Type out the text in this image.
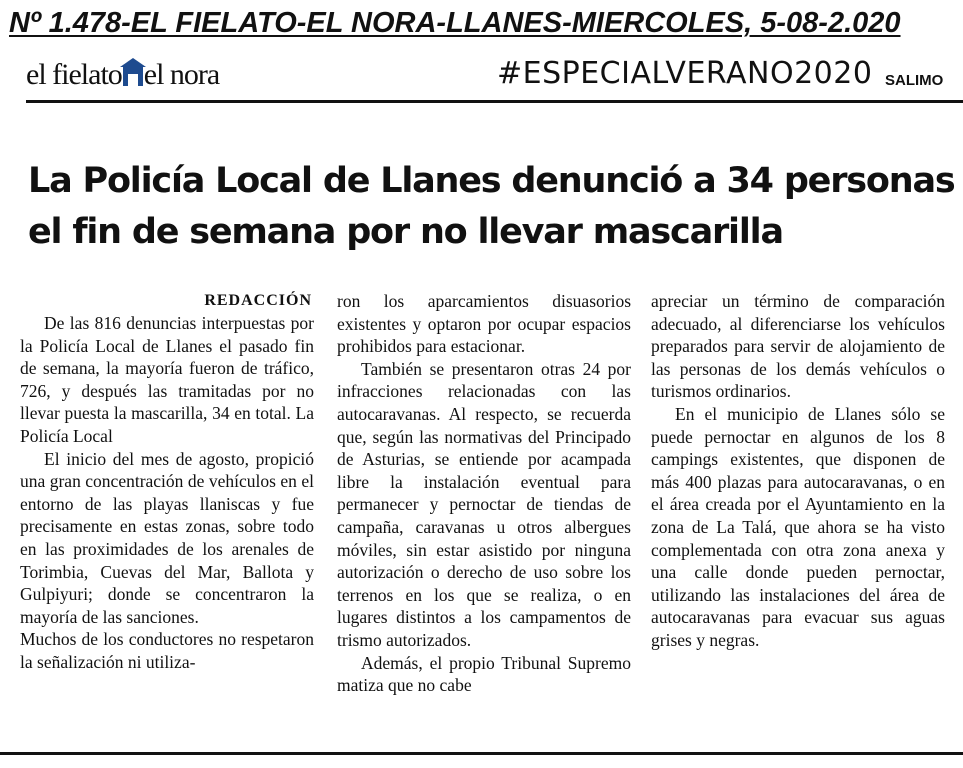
Nº 1.478-EL FIELATO-EL NORA-LLANES-MIERCOLES, 5-08-2.020
el fielato el nora	#ESPECIALVERANO2020 SALIMO
La Policía Local de Llanes denunció a 34 personas
el fin de semana por no llevar mascarilla
REDACCIÓN

De las 816 denuncias interpuestas por la Policía Local de Llanes el pasado fin de semana, la mayoría fueron de tráfico, 726, y después las tramitadas por no llevar puesta la mascarilla, 34 en total. La Policía Local

El inicio del mes de agosto, propició una gran concentración de vehículos en el entorno de las playas llaniscas y fue precisamente en estas zonas, sobre todo en las proximidades de los arenales de Torimbia, Cuevas del Mar, Ballota y Gulpiyuri; donde se concentraron la mayoría de las sanciones.

Muchos de los conductores no respetaron la señalización ni utiliza-

ron los aparcamientos disuasorios existentes y optaron por ocupar espacios prohibidos para estacionar.

También se presentaron otras 24 por infracciones relacionadas con las autocaravanas. Al respecto, se recuerda que, según las normativas del Principado de Asturias, se entiende por acampada libre la instalación eventual para permanecer y pernoctar de tiendas de campaña, caravanas u otros albergues móviles, sin estar asistido por ninguna autorización o derecho de uso sobre los terrenos en los que se realiza, o en lugares distintos a los campamentos de trismo autorizados.

Además, el propio Tribunal Supremo matiza que no cabe

apreciar un término de comparación adecuado, al diferenciarse los vehículos preparados para servir de alojamiento de las personas de los demás vehículos o turismos ordinarios.

En el municipio de Llanes sólo se puede pernoctar en algunos de los 8 campings existentes, que disponen de más 400 plazas para autocaravanas, o en el área creada por el Ayuntamiento en la zona de La Talá, que ahora se ha visto complementada con otra zona anexa y una calle donde pueden pernoctar, utilizando las instalaciones del área de autocaravanas para evacuar sus aguas grises y negras.
